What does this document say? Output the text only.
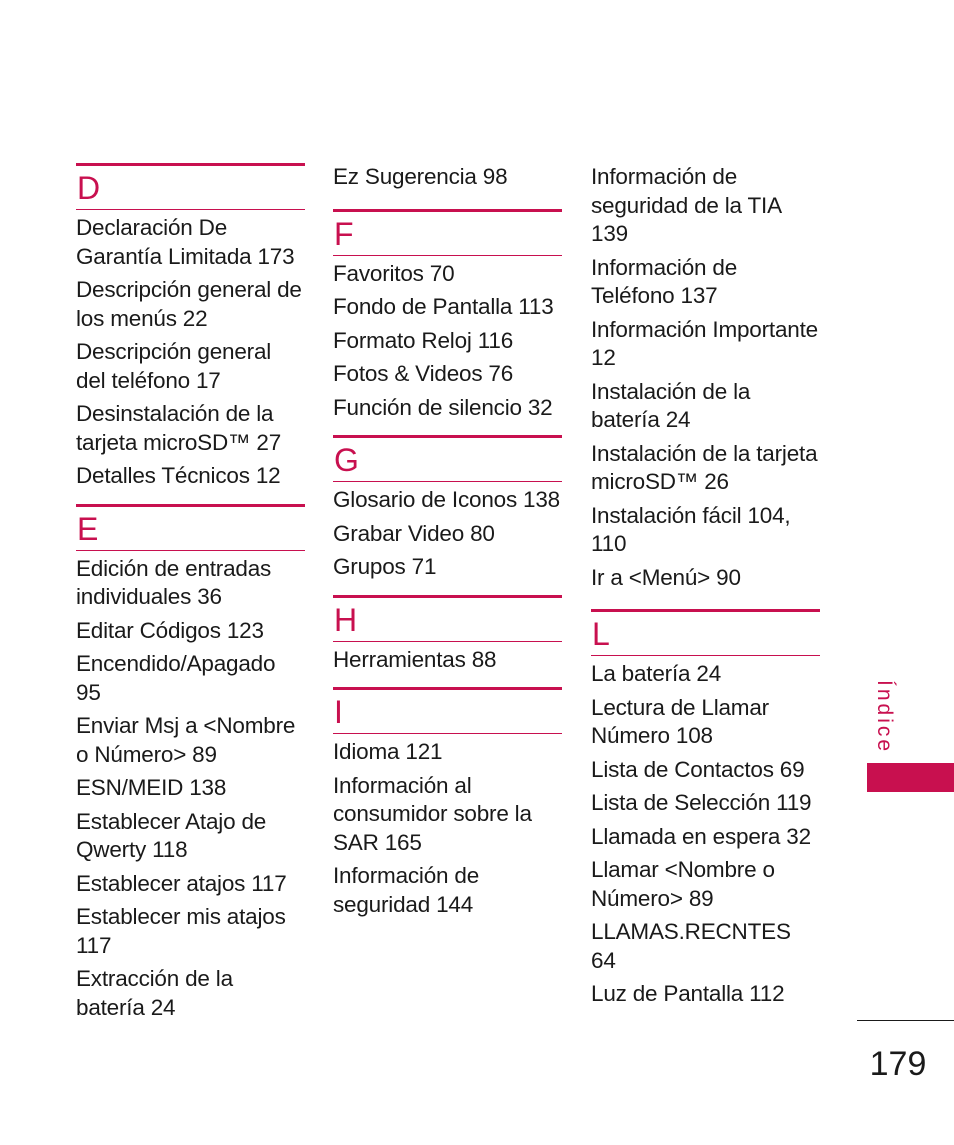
D
Declaración De Garantía Limitada 173
Descripción general de los menús 22
Descripción general del teléfono 17
Desinstalación de la tarjeta microSD™ 27
Detalles Técnicos 12
E
Edición de entradas individuales 36
Editar Códigos 123
Encendido/Apagado 95
Enviar Msj a <Nombre o Número> 89
ESN/MEID 138
Establecer Atajo de Qwerty 118
Establecer atajos 117
Establecer mis atajos 117
Extracción de la batería 24
Ez Sugerencia 98
F
Favoritos 70
Fondo de Pantalla 113
Formato Reloj 116
Fotos & Videos 76
Función de silencio 32
G
Glosario de Iconos 138
Grabar Video 80
Grupos 71
H
Herramientas 88
I
Idioma 121
Información al consumidor sobre la SAR 165
Información de seguridad 144
Información de seguridad de la TIA 139
Información de Teléfono 137
Información Importante 12
Instalación de la batería 24
Instalación de la tarjeta microSD™ 26
Instalación fácil 104, 110
Ir a <Menú> 90
L
La batería 24
Lectura de Llamar Número 108
Lista de Contactos 69
Lista de Selección 119
Llamada en espera 32
Llamar <Nombre o Número> 89
LLAMAS.RECNTES 64
Luz de Pantalla 112
Índice
179
